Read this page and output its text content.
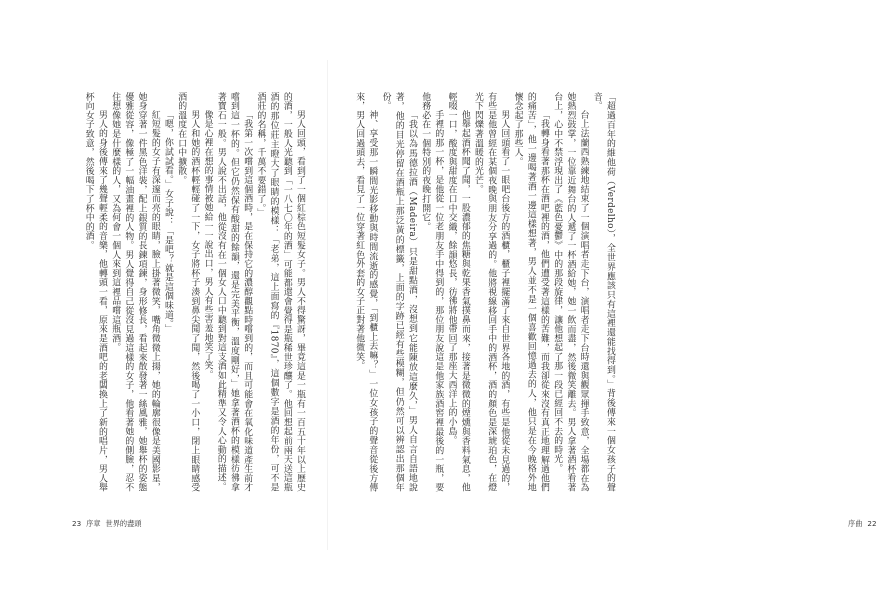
男人回頭，看到了一個紅棕色短髮女子。男人不得驚訝，畢竟這是一瓶有一百五十年以上歷史的酒，一般人光聽到「一八七〇年的酒」可能都還會覺得是瓶稀世珍釀了。他回想起前兩天送這瓶酒的那位莊主瞪大了眼睛的模樣：「老弟，這上面寫的『1870』，這個數字是酒的年份，可不是酒莊的名稱，千萬不要錯了。」

「我第一次嚐到這個酒時，是在保持它的濃醇觀點時嚐到的，而且可能會在氧化味道產生前才嚐到這一杯的。但它仍然保有酸甜的餘韻，還是完美平衡，溫度剛好，」她拿著酒杯的模樣彷彿拿著寶石一般。男人說不出話，他從沒有在一個女人口中聽到對這支酒如此精準又令人心動的描述。

像是心裡在想的事情被她給一一說出口，男人有些害羞地笑了笑。

男人和她的酒杯輕輕碰了一下，女子將杯子湊到鼻尖聞了聞，然後喝了一小口，閉上眼睛感受酒的溫度在口中擴散。

「嗯，你試試看。」女子說：「是吧？就是這個味道。」

紅短髮的女子有深邃而亮的眼睛，臉上掛著微笑，嘴角微微上揚，她的輪廓很像是美國影星，她身穿著一件黑色洋裝，配上銀質的長鍊項鍊，身形修長，看起來散發著一絲風雅，她舉杯的姿態優雅從容，像極了一幅油畫裡的人物。男人覺得自己從沒見過這樣的女子，他看著她的側臉，忍不住想像她是什麼樣的人，又為何會一個人來到這裡品嚐這瓶酒。

男人的身後傳來了幾聲輕柔的音樂，他轉頭一看，原來是酒吧的老闆換上了新的唱片，男人舉杯向女子致意，然後喝下了杯中的酒。

23 序章 世界的盡頭

「超過百年的維他荷（Verdelho），全世界應該只有這裡還能找得到。」背後傳來一個女孩子的聲音。

台上法蘭西熟練地結束了一個演唱者走下台，演唱者走下台時還與觀眾揮手致意，全場都在為她熱烈鼓掌，一位靠近舞台的人遞了一杯酒給她，她一飲而盡，然後微笑離去。男人拿著酒杯看著台上，心中不禁浮現出了《藍色憂鬱》中的那段旋律，讓他想起了那一段已經回不去的時光。

「我轉身看著那杯在酒吧裡的酒，他們遭受著這樣的苦難，而我卻從來沒有真正地理解過他們的痛苦」，他一邊喝著酒一邊這樣想著，男人並不是一個喜歡回憶過去的人，他只是在今晚格外地懷念起了那些人。

男人回頭看了一眼吧台後方的酒櫃，櫃子裡擺滿了來自世界各地的酒，有些是他從未見過的，有些是他曾經在某個夜晚與朋友分享過的。他將視線移回手中的酒杯，酒的顏色是深琥珀色，在燈光下閃爍著溫暖的光芒。

他舉起酒杯聞了聞，一股濃郁的焦糖與乾果香氣撲鼻而來，接著是微微的煙燻與香料氣息，他輕啜一口，酸度與甜度在口中交織，餘韻悠長，彷彿將他帶回了那座大西洋上的小島。

手裡的那一杯，是他從一位老朋友手中得到的，那位朋友說這是他家族酒窖裡最後的一瓶，要他務必在一個特別的夜晚打開它。

「我以為馬德拉酒（Madeira）只是甜點酒，沒想到它能陳放這麼久，」男人自言自語地說著，他的目光停留在酒瓶上那泛黃的標籤，上面的字跡已經有些模糊，但仍然可以辨認出那個年份。

神、享受那一瞬間光影移動與時間流逝的感覺，「到櫃上去嘛？」一位女孩子的聲音從後方傳來，男人回過頭去，看見了一位穿著紅色外套的女子正對著他微笑。

序曲 22
